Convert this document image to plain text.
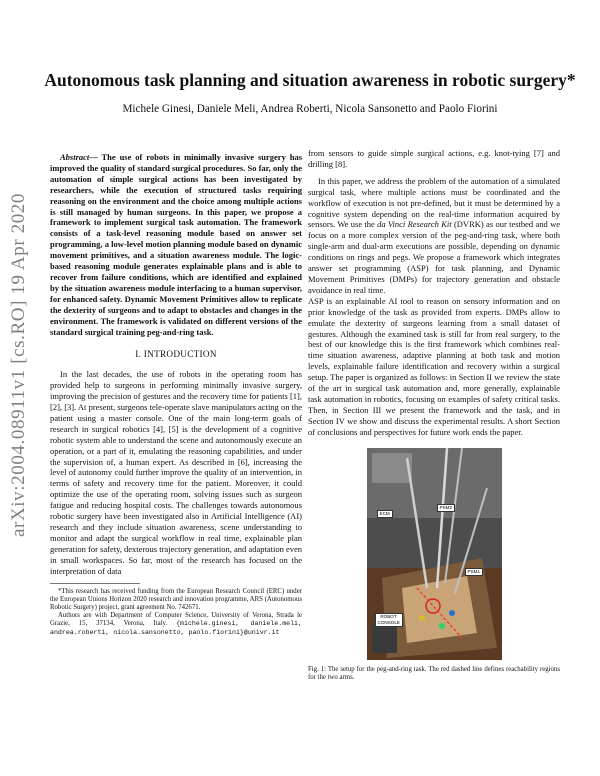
arXiv:2004.08911v1 [cs.RO] 19 Apr 2020
Autonomous task planning and situation awareness in robotic surgery*
Michele Ginesi, Daniele Meli, Andrea Roberti, Nicola Sansonetto and Paolo Fiorini

Abstract— The use of robots in minimally invasive surgery has improved the quality of standard surgical procedures. So far, only the automation of simple surgical actions has been investigated by researchers, while the execution of structured tasks requiring reasoning on the environment and the choice among multiple actions is still managed by human surgeons. In this paper, we propose a framework to implement surgical task automation. The framework consists of a task-level reasoning module based on answer set programming, a low-level motion planning module based on dynamic movement primitives, and a situation awareness module. The logic-based reasoning module generates explainable plans and is able to recover from failure conditions, which are identified and explained by the situation awareness module interfacing to a human supervisor, for enhanced safety. Dynamic Movement Primitives allow to replicate the dexterity of surgeons and to adapt to obstacles and changes in the environment. The framework is validated on different versions of the standard surgical training peg-and-ring task.

I. INTRODUCTION

In the last decades, the use of robots in the operating room has provided help to surgeons in performing minimally invasive surgery, improving the precision of gestures and the recovery time for patients [1], [2], [3]. At present, surgeons tele-operate slave manipulators acting on the patient using a master console. One of the main long-term goals of research in surgical robotics [4], [5] is the development of a cognitive robotic system able to understand the scene and autonomously execute an operation, or a part of it, emulating the reasoning capabilities, and under the supervision of, a human expert. As described in [6], increasing the level of autonomy could further improve the quality of an intervention, in terms of safety and recovery time for the patient. Moreover, it could optimize the use of the operating room, solving issues such as surgeon fatigue and reducing hospital costs. The challenges towards autonomous robotic surgery have been investigated also in Artificial Intelligence (AI) research and they include situation awareness, scene understanding to monitor and adapt the surgical workflow in real time, explainable plan generation for safety, dexterous trajectory generation, and adaptation even in small workspaces. So far, most of the research has focused on the interpretation of data

*This research has received funding from the European Research Council (ERC) under the European Unions Horizon 2020 research and innovation programme, ARS (Autonomous Robotic Surgery) project, grant agreement No. 742671.

Authors are with Department of Computer Science, University of Verona, Strada le Grazie, 15, 37134, Verona, Italy. {michele.ginesi, daniele.meli, andrea.roberti, nicola.sansonetto, paolo.fiorini}@univr.it

from sensors to guide simple surgical actions, e.g. knot-tying [7] and drilling [8].

In this paper, we address the problem of the automation of a simulated surgical task, where multiple actions must be coordinated and the workflow of execution is not pre-defined, but it must be determined by a cognitive system depending on the real-time information acquired by sensors. We use the da Vinci Research Kit (DVRK) as our testbed and we focus on a more complex version of the peg-and-ring task, where both single-arm and dual-arm executions are possible, depending on dynamic conditions on rings and pegs. We propose a framework which integrates answer set programming (ASP) for task planning, and Dynamic Movement Primitives (DMPs) for trajectory generation and obstacle avoidance in real time.

ASP is an explainable AI tool to reason on sensory information and on prior knowledge of the task as provided from experts. DMPs allow to emulate the dexterity of surgeons learning from a small dataset of gestures. Although the examined task is still far from real surgery, to the best of our knowledge this is the first framework which combines real-time situation awareness, adaptive planning at both task and motion levels, explainable failure identification and recovery within a surgical setup. The paper is organized as follows: in Section II we review the state of the art in surgical task automation and, more generally, explainable task automation in robotics, focusing on examples of safety critical tasks. Then, in Section III we present the framework and the task, and in Section IV we show and discuss the experimental results. A short Section of conclusions and perspectives for future work ends the paper.

ECM
PSM2
PSM1
ROBOT CONSOLE

Fig. 1: The setup for the peg-and-ring task. The red dashed line defines reachability regions for the two arms.
